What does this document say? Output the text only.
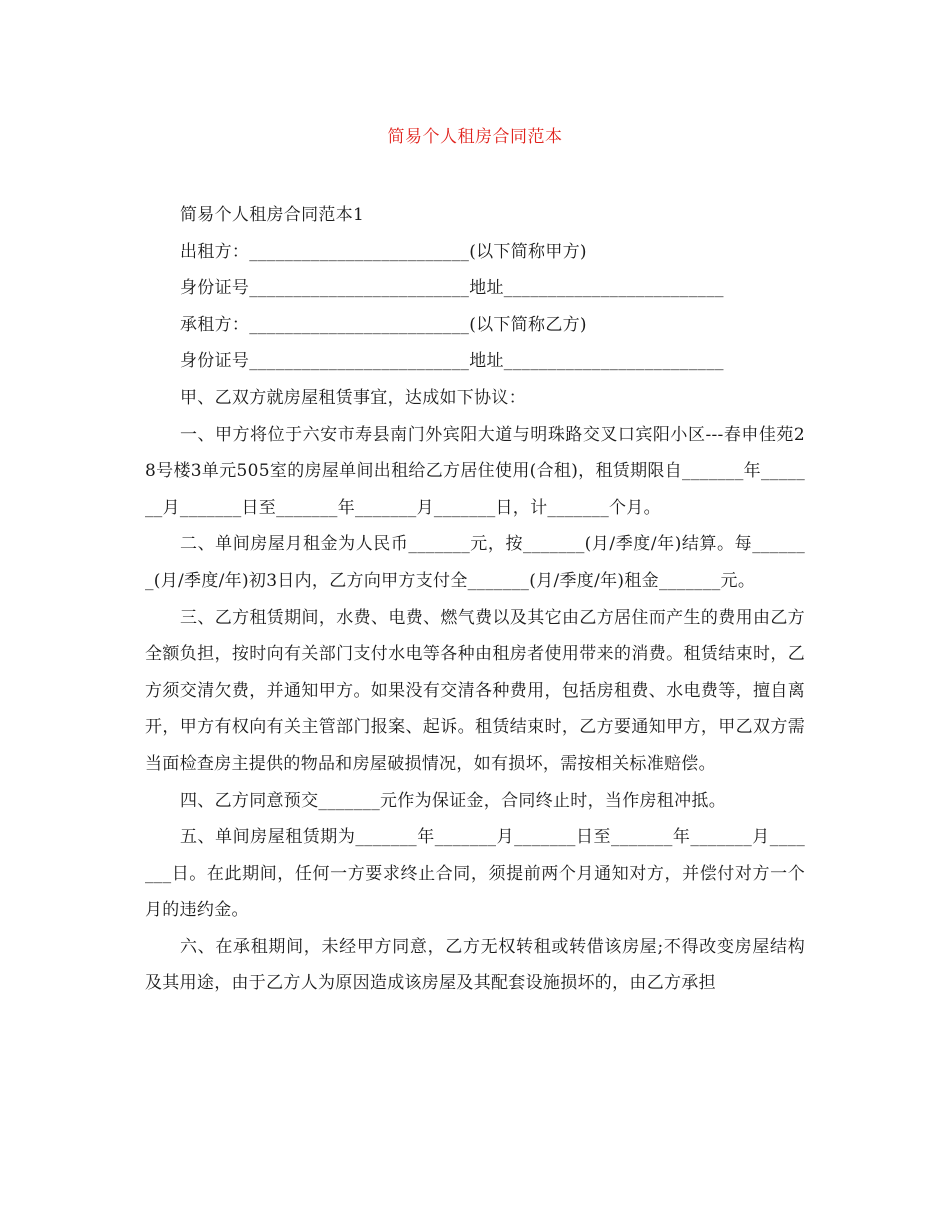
简易个人租房合同范本
简易个人租房合同范本1
出租方：_________________________(以下简称甲方)
身份证号_________________________地址_________________________
承租方：_________________________(以下简称乙方)
身份证号_________________________地址_________________________
甲、乙双方就房屋租赁事宜，达成如下协议：
一、甲方将位于六安市寿县南门外宾阳大道与明珠路交叉口宾阳小区---春申佳苑28号楼3单元505室的房屋单间出租给乙方居住使用(合租)，租赁期限自_______年_______月_______日至_______年_______月_______日，计_______个月。
二、单间房屋月租金为人民币_______元，按_______(月/季度/年)结算。每_______(月/季度/年)初3日内，乙方向甲方支付全_______(月/季度/年)租金_______元。
三、乙方租赁期间，水费、电费、燃气费以及其它由乙方居住而产生的费用由乙方全额负担，按时向有关部门支付水电等各种由租房者使用带来的消费。租赁结束时，乙方须交清欠费，并通知甲方。如果没有交清各种费用，包括房租费、水电费等，擅自离开，甲方有权向有关主管部门报案、起诉。租赁结束时，乙方要通知甲方，甲乙双方需当面检查房主提供的物品和房屋破损情况，如有损坏，需按相关标准赔偿。
四、乙方同意预交_______元作为保证金，合同终止时，当作房租冲抵。
五、单间房屋租赁期为_______年_______月_______日至_______年_______月_______日。在此期间，任何一方要求终止合同，须提前两个月通知对方，并偿付对方一个月的违约金。
六、在承租期间，未经甲方同意，乙方无权转租或转借该房屋;不得改变房屋结构及其用途，由于乙方人为原因造成该房屋及其配套设施损坏的，由乙方承担
